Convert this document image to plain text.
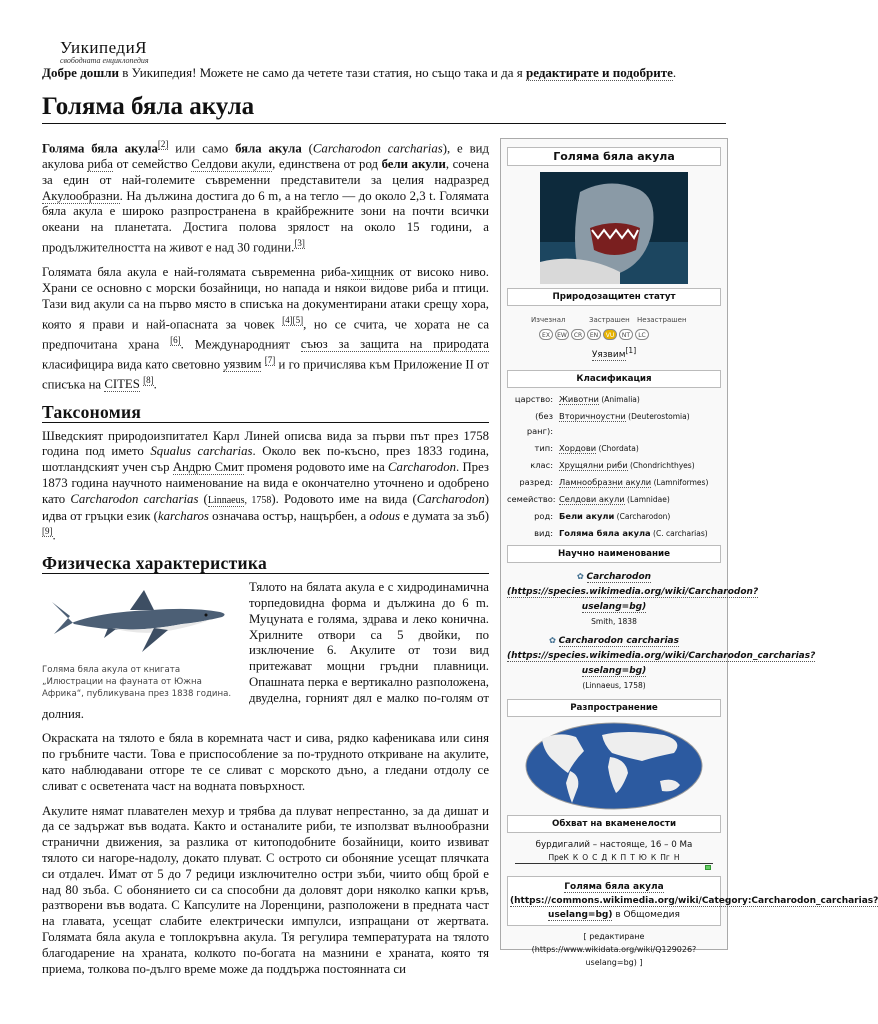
УикипедиЯ
свободната енциклопедия
Добре дошли в Уикипедия! Можете не само да четете тази статия, но също така и да я редактирате и подобрите.
Голяма бяла акула

Голяма бяла акула[2] или само бяла акула (Carcharodon carcharias), е вид акулова риба от семейство Селдови акули, единствена от род бели акули, сочена за един от най-големите съвременни представители за целия надразред Акулообразни. На дължина достига до 6 m, а на тегло — до около 2,3 t. Голямата бяла акула е широко разпространена в крайбрежните зони на почти всички океани на планетата. Достига полова зрялост на около 15 години, а продължителността на живот е над 30 години.[3]

Голямата бяла акула е най-голямата съвременна риба-хищник от високо ниво. Храни се основно с морски бозайници, но напада и някои видове риба и птици. Тази вид акули са на първо място в списъка на документирани атаки срещу хора, която я прави и най-опасната за човек [4][5], но се счита, че хората не са предпочитана храна [6]. Международният съюз за защита на природата класифицира вида като световно уязвим [7] и го причислява към Приложение II от списъка на CITES [8].

Таксономия

Шведският природоизпитател Карл Линей описва вида за първи път през 1758 година под името Squalus carcharias. Около век по-късно, през 1833 година, шотландският учен сър Андрю Смит променя родовото име на Carcharodon. През 1873 година научното наименование на вида е окончателно уточнено и одобрено като Carcharodon carcharias (Linnaeus, 1758). Родовото име на вида (Carcharodon) идва от гръцки език (karcharos означава остър, нащърбен, а odous е думата за зъб) [9].

Физическа характеристика
Голяма бяла акула от книгата „Илюстрации на фауната от Южна Африка“, публикувана през 1838 година.

Тялото на бялата акула е с хидродинамична торпедовидна форма и дължина до 6 m. Муцуната е голяма, здрава и леко конична. Хрилните отвори са 5 двойки, по изключение 6. Акулите от този вид притежават мощни гръдни плавници. Опашната перка е вертикално разположена, двуделна, горният дял е малко по-голям от долния.

Окраската на тялото е бяла в коремната част и сива, рядко кафеникава или синя по гръбните части. Това е приспособление за по-трудното откриване на акулите, като наблюдавани отгоре те се сливат с морското дъно, а гледани отдолу се сливат с осветената част на водната повърхност.

Акулите нямат плавателен мехур и трябва да плуват непрестанно, за да дишат и да се задържат във водата. Както и останалите риби, те използват вълнообразни странични движения, за разлика от китоподобните бозайници, които извиват тялото си нагоре-надолу, докато плуват. С острото си обоняние усещат плячката си отдалеч. Имат от 5 до 7 редици изключително остри зъби, чиито общ брой е над 80 зъба. С обонянието си са способни да доловят дори няколко капки кръв, разтворени във водата. С Капсулите на Лоренцини, разположени в предната част на главата, усещат слабите електрически импулси, изпращани от жертвата. Голямата бяла акула е топлокръвна акула. Тя регулира температурата на тялото благодарение на храната, колкото по-богата на мазнини е храната, която тя приема, толкова по-дълго време може да поддържа постоянната си

Голяма бяла акула
Природозащитен статут
Изчезнал	Застрашен Незастрашен
EX	EW	CR	EN	VU	NT	LC
Уязвим[1]
Класификация
царство: Животни (Animalia)
(без ранг):
Вторичноустни (Deuterostomia)
тип: Хордови (Chordata)
клас: Хрущялни риби (Chondrichthyes)
разред: Ламнообразни акули (Lamniformes)
семейство: Селдови акули (Lamnidae)
род: Бели акули (Carcharodon)
вид: Голяма бяла акула (C. carcharias)
Научно наименование
✿ Carcharodon (https://species.wikimedia.org/wiki/Carcharodon?uselang=bg)
Smith, 1838
✿ Carcharodon carcharias (https://species.wikimedia.org/wiki/Carcharodon_carcharias?uselang=bg)
(Linnaeus, 1758)
Разпространение
Обхват на вкаменелости
бурдигалий – настояще, 16 – 0 Ma
ПреК К О С Д К П Т Ю К Пг Н
Голяма бяла акула (https://commons.wikimedia.org/wiki/Category:Carcharodon_carcharias?uselang=bg) в Общомедия
[ редактиране (https://www.wikidata.org/wiki/Q129026?uselang=bg) ]
